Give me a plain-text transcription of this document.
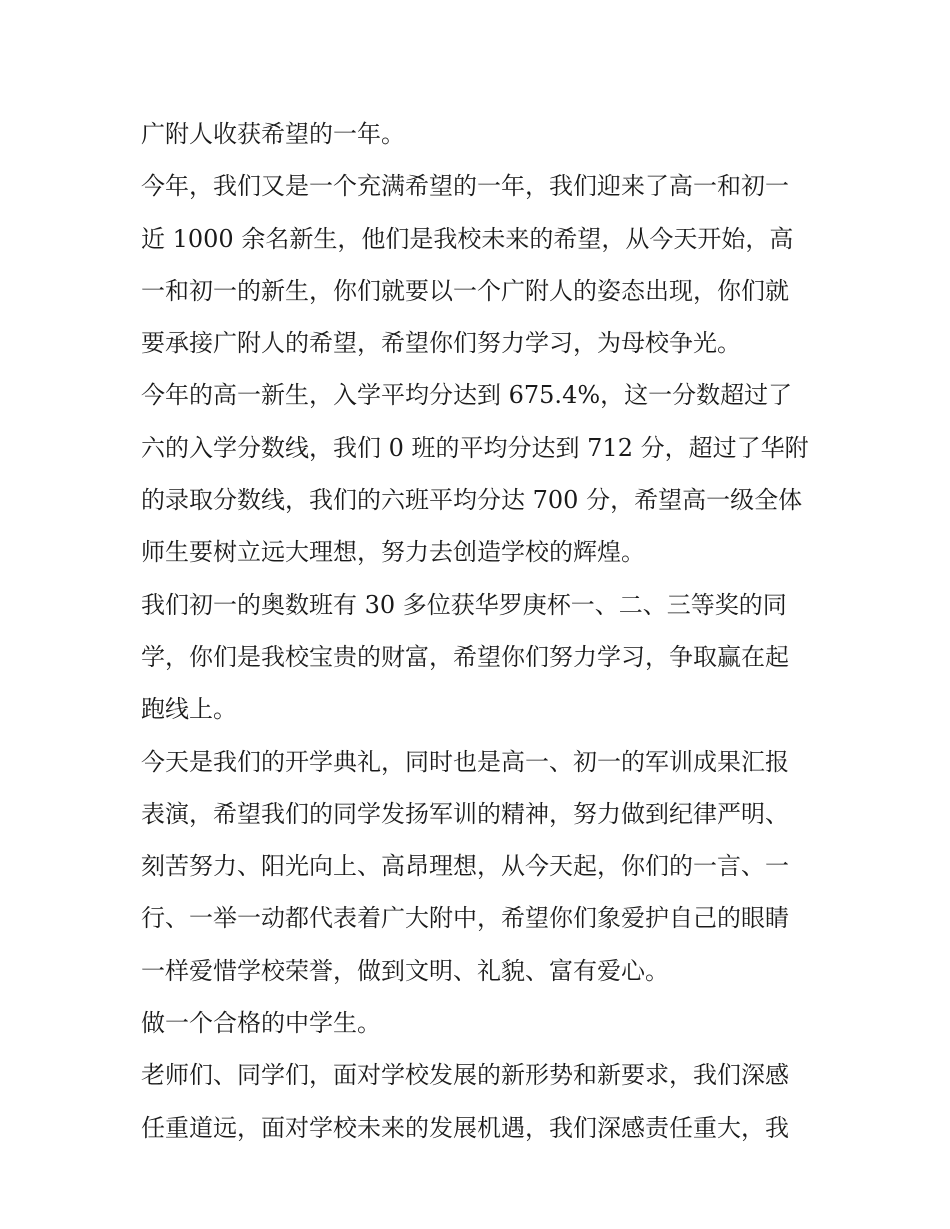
广附人收获希望的一年。
今年，我们又是一个充满希望的一年，我们迎来了高一和初一
近 1000 余名新生，他们是我校未来的希望，从今天开始，高
一和初一的新生，你们就要以一个广附人的姿态出现，你们就
要承接广附人的希望，希望你们努力学习，为母校争光。
今年的高一新生，入学平均分达到 675.4%，这一分数超过了
六的入学分数线，我们 0 班的平均分达到 712 分，超过了华附
的录取分数线，我们的六班平均分达 700 分，希望高一级全体
师生要树立远大理想，努力去创造学校的辉煌。
我们初一的奥数班有 30 多位获华罗庚杯一、二、三等奖的同
学，你们是我校宝贵的财富，希望你们努力学习，争取赢在起
跑线上。
今天是我们的开学典礼，同时也是高一、初一的军训成果汇报
表演，希望我们的同学发扬军训的精神，努力做到纪律严明、
刻苦努力、阳光向上、高昂理想，从今天起，你们的一言、一
行、一举一动都代表着广大附中，希望你们象爱护自己的眼睛
一样爱惜学校荣誉，做到文明、礼貌、富有爱心。
做一个合格的中学生。
老师们、同学们，面对学校发展的新形势和新要求，我们深感
任重道远，面对学校未来的发展机遇，我们深感责任重大，我
